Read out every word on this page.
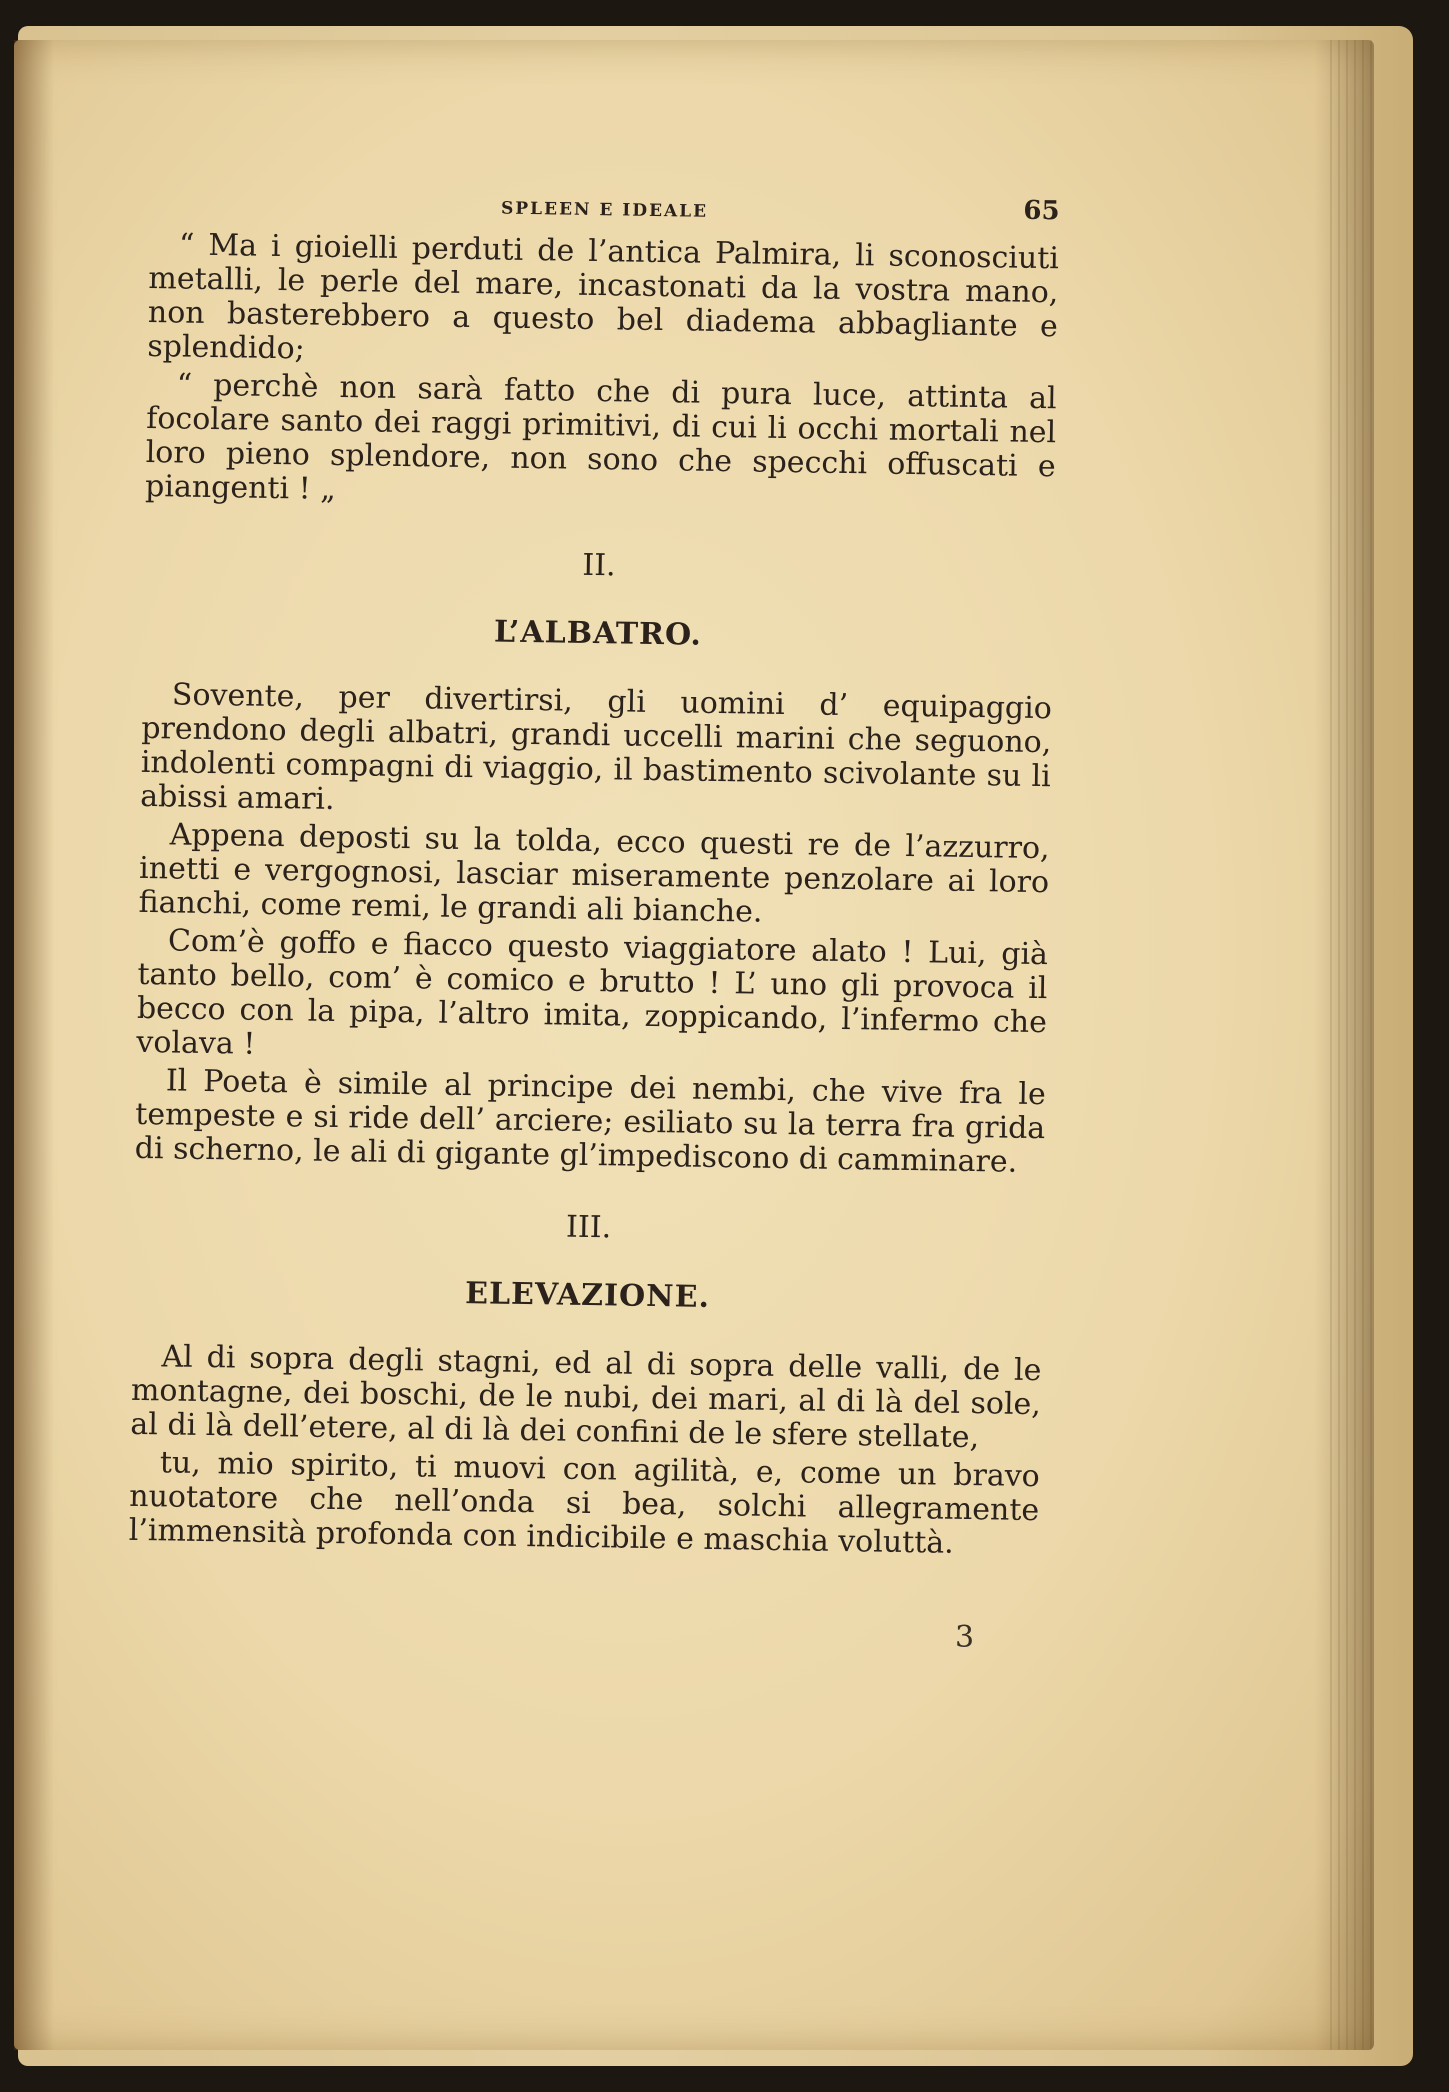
SPLEEN E IDEALE	65

“ Ma i gioielli perduti de l’antica Palmira, li sconosciuti metalli, le perle del mare, incastonati da la vostra mano, non basterebbero a questo bel diadema abbagliante e splendido;

“ perchè non sarà fatto che di pura luce, attinta al focolare santo dei raggi primitivi, di cui li occhi mortali nel loro pieno splendore, non sono che specchi offuscati e piangenti ! „

II.
L’ALBATRO.

Sovente, per divertirsi, gli uomini d’ equipaggio prendono degli albatri, grandi uccelli marini che seguono, indolenti compagni di viaggio, il bastimento scivolante su li abissi amari.

Appena deposti su la tolda, ecco questi re de l’azzurro, inetti e vergognosi, lasciar miseramente penzolare ai loro fianchi, come remi, le grandi ali bianche.

Com’è goffo e fiacco questo viaggiatore alato ! Lui, già tanto bello, com’ è comico e brutto ! L’ uno gli provoca il becco con la pipa, l’altro imita, zoppicando, l’infermo che volava !

Il Poeta è simile al principe dei nembi, che vive fra le tempeste e si ride dell’ arciere; esiliato su la terra fra grida di scherno, le ali di gigante gl’impediscono di camminare.

III.
ELEVAZIONE.

Al di sopra degli stagni, ed al di sopra delle valli, de le montagne, dei boschi, de le nubi, dei mari, al di là del sole, al di là dell’etere, al di là dei confini de le sfere stellate,

tu, mio spirito, ti muovi con agilità, e, come un bravo nuotatore che nell’onda si bea, solchi allegramente l’immensità profonda con indicibile e maschia voluttà.

3
